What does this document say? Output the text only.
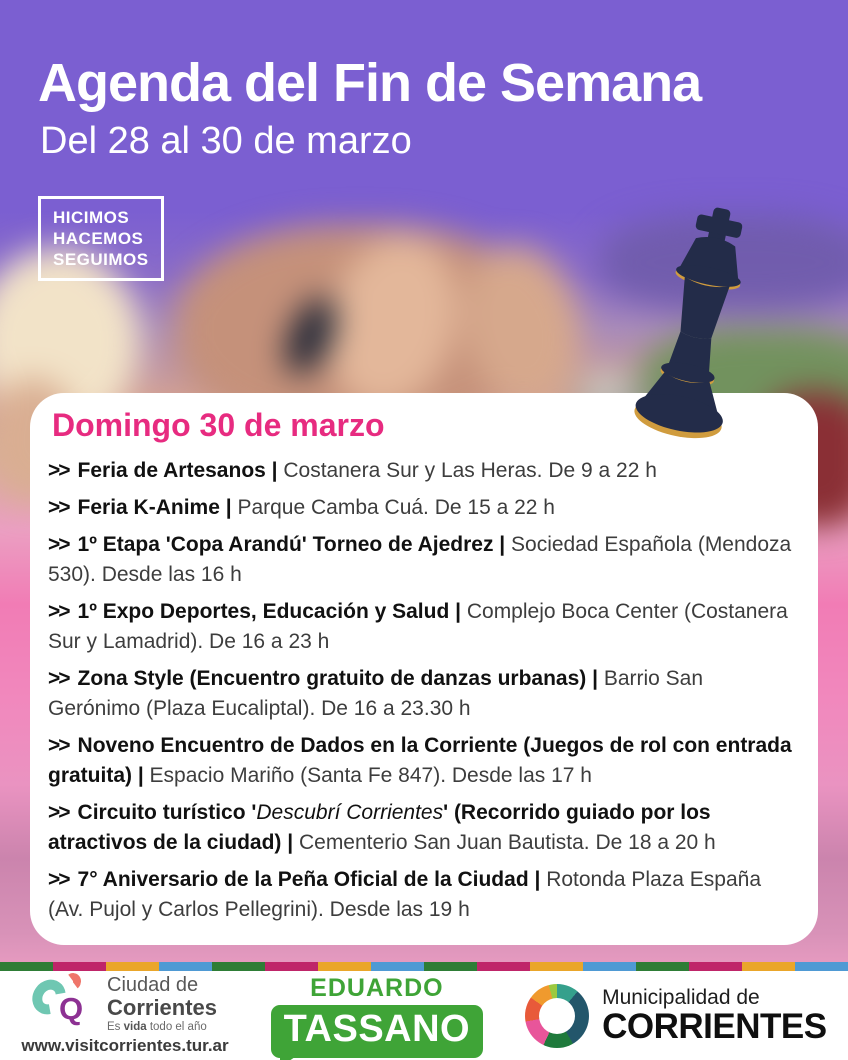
Agenda del Fin de Semana
Del 28 al 30 de marzo
HICIMOS
HACEMOS
SEGUIMOS
Domingo 30 de marzo
>> Feria de Artesanos | Costanera Sur y Las Heras. De 9 a 22 h
>> Feria K-Anime | Parque Camba Cuá. De 15 a 22 h
>> 1º Etapa 'Copa Arandú' Torneo de Ajedrez | Sociedad Española (Mendoza 530). Desde las 16 h
>> 1º Expo Deportes, Educación y Salud | Complejo Boca Center (Costanera Sur y Lamadrid). De 16 a 23 h
>> Zona Style (Encuentro gratuito de danzas urbanas) | Barrio San Gerónimo (Plaza Eucaliptal). De 16 a 23.30 h
>> Noveno Encuentro de Dados en la Corriente (Juegos de rol con entrada gratuita) | Espacio Mariño (Santa Fe 847). Desde las 17 h
>> Circuito turístico 'Descubrí Corrientes' (Recorrido guiado por los atractivos de la ciudad) | Cementerio San Juan Bautista. De 18 a 20 h
>> 7° Aniversario de la Peña Oficial de la Ciudad | Rotonda Plaza España (Av. Pujol y Carlos Pellegrini). Desde las 19 h
Q
Ciudad de
Corrientes
Es vida todo el año
www.visitcorrientes.tur.ar
EDUARDO
TASSANO
Municipalidad de
CORRIENTES
